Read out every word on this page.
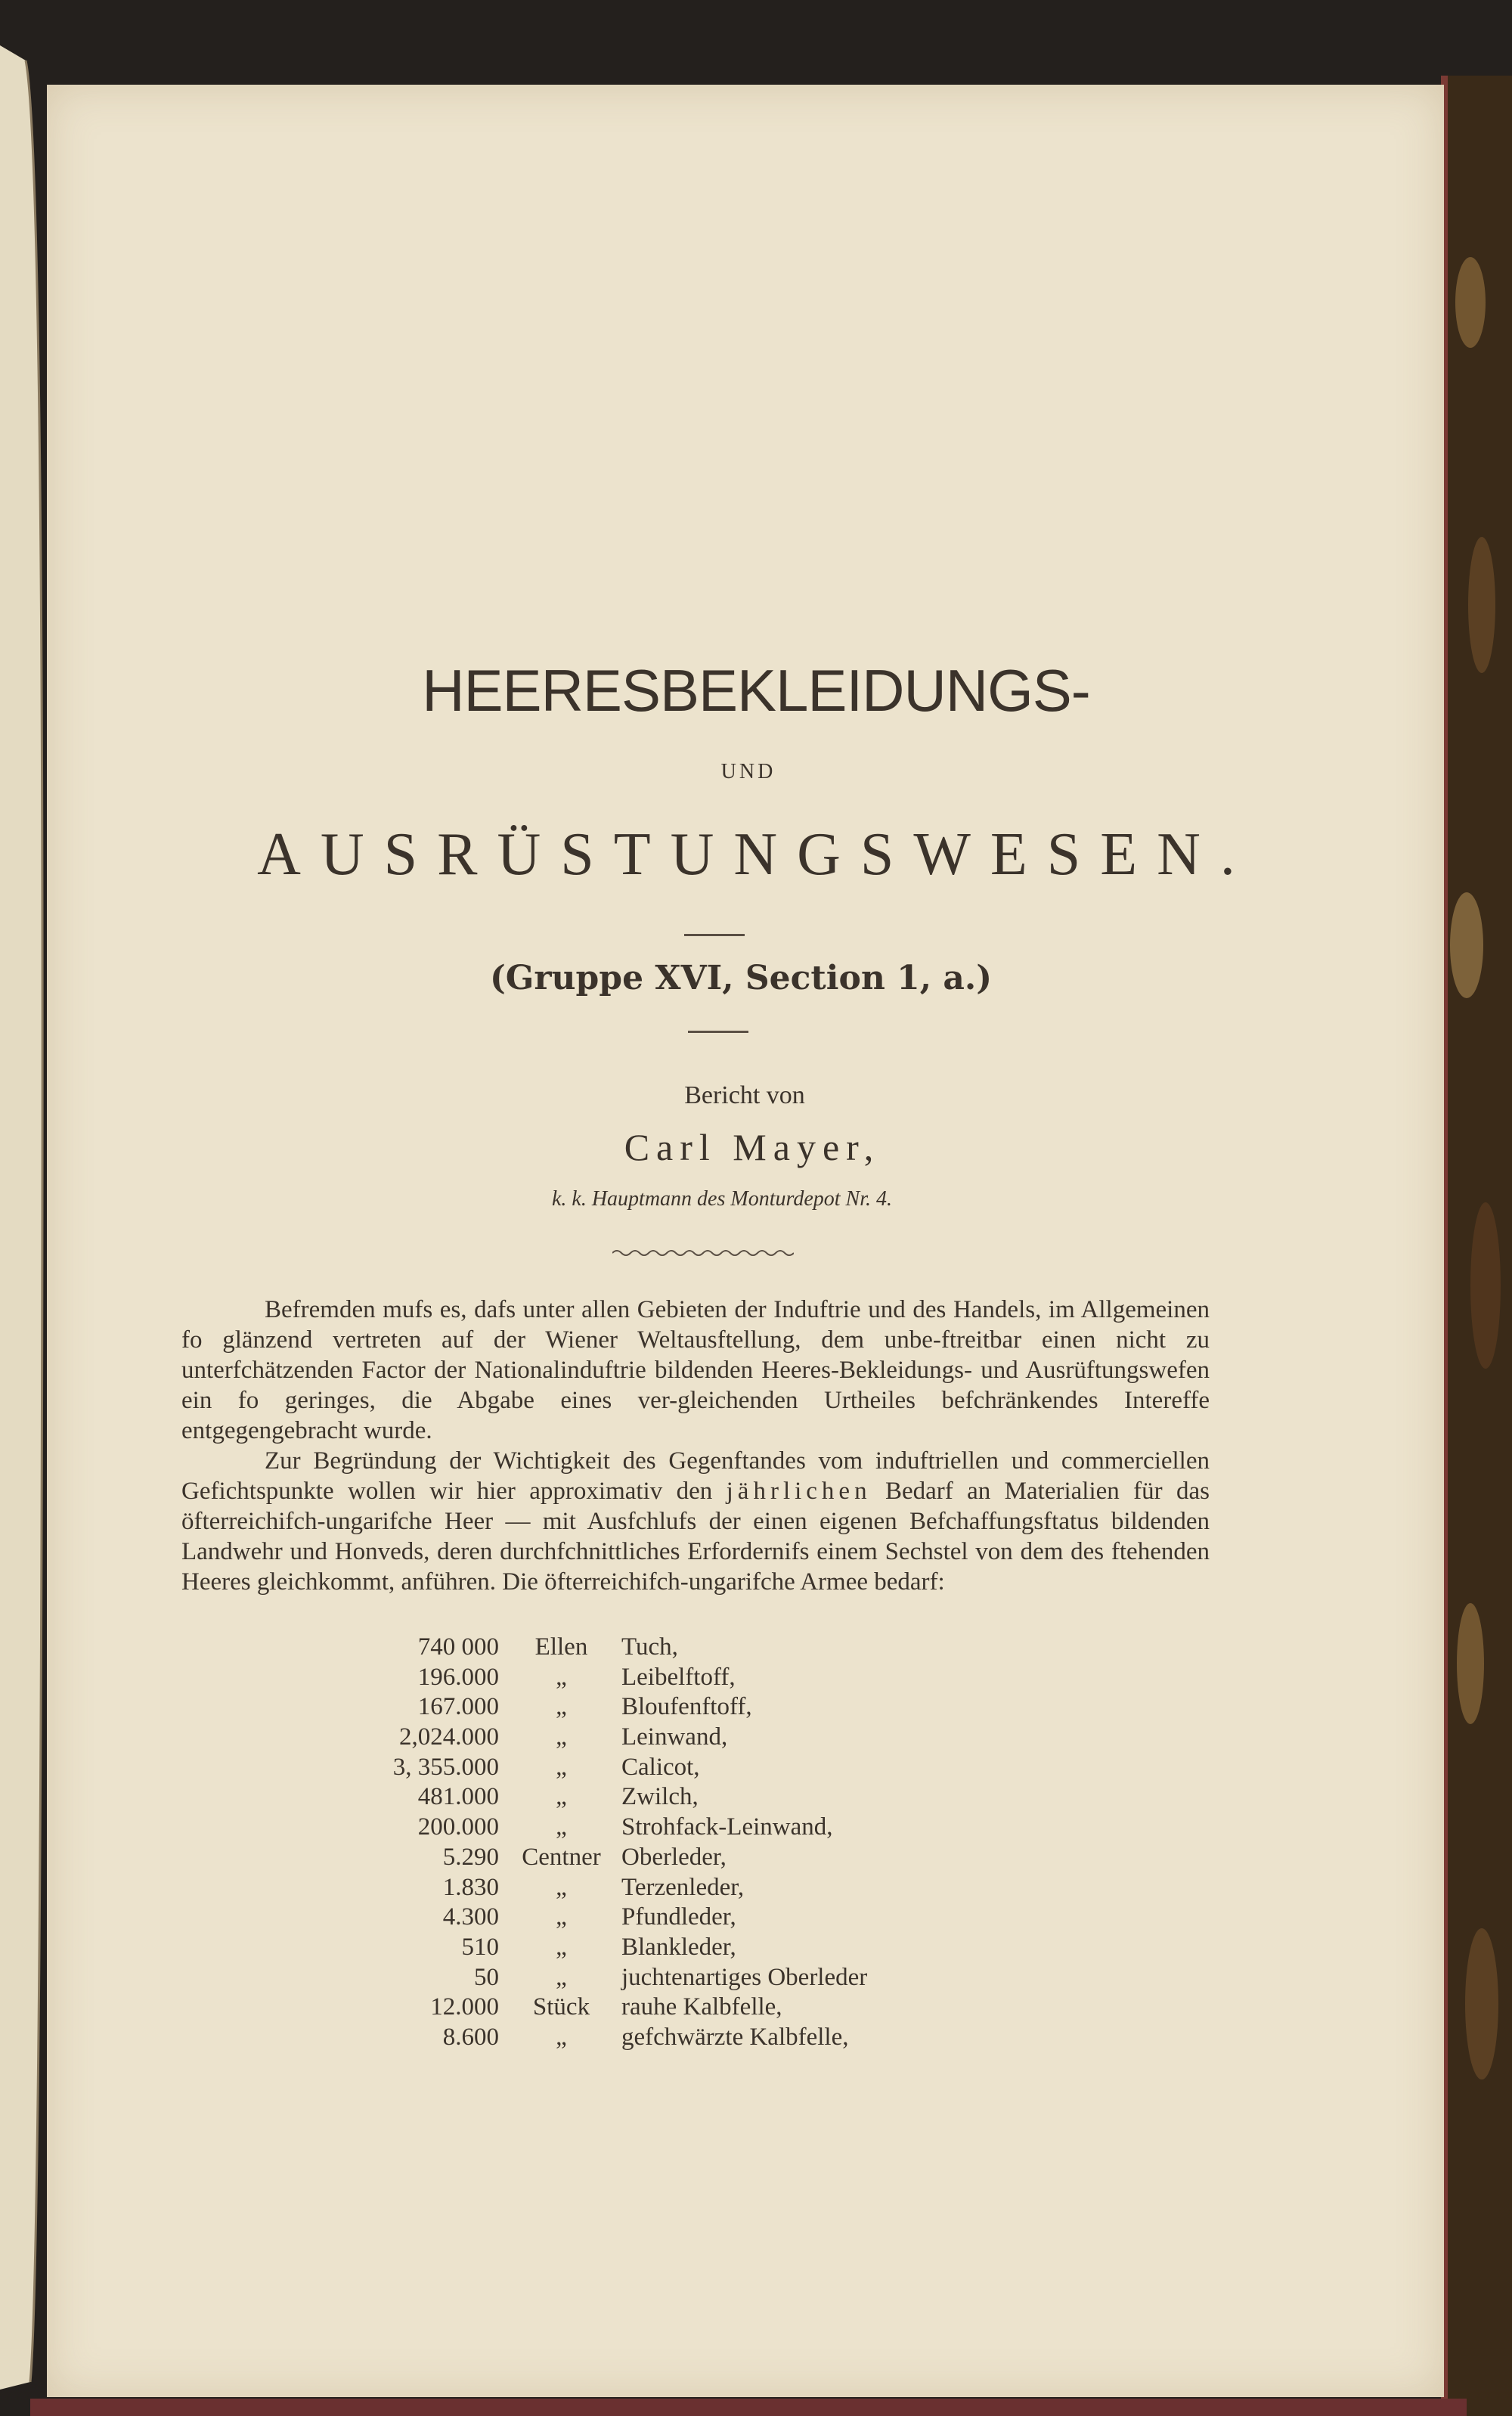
HEERESBEKLEIDUNGS-
UND
AUSRÜSTUNGSWESEN.
(Gruppe XVI, Section 1, a.)
Bericht von
Carl Mayer,
k. k. Hauptmann des Monturdepot Nr. 4.

Befremden mufs es, dafs unter allen Gebieten der Induftrie und des Handels, im Allgemeinen fo glänzend vertreten auf der Wiener Weltausftellung, dem unbe-ftreitbar einen nicht zu unterfchätzenden Factor der Nationalinduftrie bildenden Heeres-Bekleidungs- und Ausrüftungswefen ein fo geringes, die Abgabe eines ver-gleichenden Urtheiles befchränkendes Intereffe entgegengebracht wurde.

Zur Begründung der Wichtigkeit des Gegenftandes vom induftriellen und commerciellen Gefichtspunkte wollen wir hier approximativ den jährlichen Bedarf an Materialien für das öfterreichifch-ungarifche Heer — mit Ausfchlufs der einen eigenen Befchaffungsftatus bildenden Landwehr und Honveds, deren durchfchnittliches Erfordernifs einem Sechstel von dem des ftehenden Heeres gleichkommt, anführen. Die öfterreichifch-ungarifche Armee bedarf:

740 000	Ellen	Tuch,
196.000	„	Leibelftoff,
167.000	„	Bloufenftoff,
2,024.000	„	Leinwand,
3, 355.000	„	Calicot,
481.000	„	Zwilch,
200.000	„	Strohfack-Leinwand,
5.290 Centner Oberleder,
1.830	„	Terzenleder,
4.300	„	Pfundleder,
510	„	Blankleder,
50	„	juchtenartiges Oberleder
12.000	Stück	rauhe Kalbfelle,
8.600	„	gefchwärzte Kalbfelle,
